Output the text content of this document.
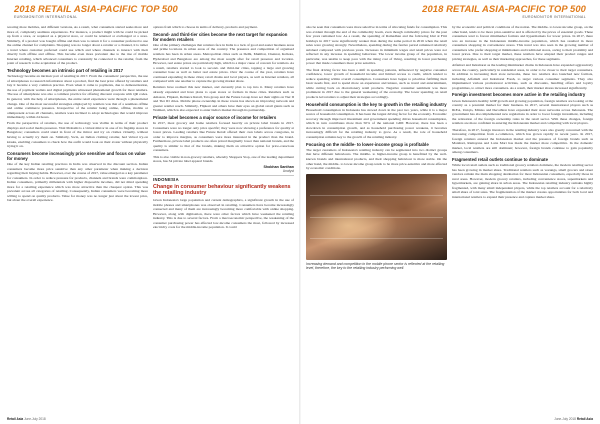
2018 RETAIL ASIA-PACIFIC TOP 500
EUROMONITOR INTERNATIONAL

wearing more mobiles, and different versions, As a result, what consumers started seeks more and more of, completely seamless experiences. For instance, a product might with be could be picked up from a store, or required as a physical store, or could be returned or exchanged at a store. Similarly, if a product was bought offline and then was to return it for a consumer preferred to use the online channel for complaints. Shopping was no longer about a retailer or a channel, it is rather a trend where customer preferred could use which and where channels to interact with their directly both offline and offline. This become even more prevalent due to the rise of mobile Internet retailing, which advanced consumers to constantly be connected to the retailer, from the point of research to the acquisition of the product.

Technology becomes an intrinsic part of retailing in 2017

Technology became an intrinsic part of retailing in 2017. From the consumers' perspective, the use of smartphones to research information about a product, find the best price offered by retailers and buy it became a very common practice. Even when it came to payments, due to demonetisation, the use of payment wallets and digital payments witnessed phenomenal growth for most retailers. The use of smartphone was also a common practice for offering discount coupons with QR codes. In general, with the help of smartphones, the entire retail experience went through a phenomenal change. One of the most successful strategies employed by retailers was that of a seamless offline and online commerce presence. Irrespective of the retailer being online, offline, mobile or omnipresent across all channels, retailers were inclined to adopt technologies that would improve immediately, within 24 hours.

From the perspective of retailers, the use of technology was visible in terms of their product displays and social media presence. Visit Mohami is a virtual mirror in one of its flagship stores in Bangalore; consumers could stand in front of the mirror and try on clothes virtually, without having to actually try them on. Similarly, Swiz, an Indian clothing retailer, had virtual try-on kiosks, enabling consumers to check how the outfit would look on their avatar without physically trying it on.

Consumers become increasingly price sensitive and focus on value for money

One of the key Indian retailing practices in India was observed in the discount section. Indian consumers became more price sensitive than any other parameter when making a decision regarding their buying habits. However, over the course of 2017, value emerged as a key parameter for consumers. In order to reduce pressure for products, channels and brands were commonplace. Indian consumers, primarily millennials with higher disposable incomes, did not mind spending more for a retailing experience which was more attractive than the cheapest option. This was prevalent across all categories of retailing. Consequently, Indian consumers were becoming more willing to spend on quality products. Value for money was no longer just about the lowest price, but about the overall experience.

options from which to choose in terms of delivery, products and payment.

Second- and third-tier cities become the next target for expansion for modern retailers

One of the primary challenges that retailers face in India is a lack of good and easier business areas and prime locations in urban areas of the country. The presence and competition of organised retailers has been in urban areas. Metropolitan cities such as Delhi, Mumbai, Chennai, Kolkata, Hyderabad and Bangalore are among the most sought after for retail presence and location. However, real estate prices are particularly high, which is a major cause of concern for retailers. As a result, retailers started to look to second- and third-tier cities, tapping a large and growing consumer base as well as better real estate prices. Over the course of the year, retailers have continued expanding in these cities; retail chains and local players, as well as Internet retailers, all competed with one another to capture the growing market share.

Retailers have realised this new market, and currently plan to tap into it. Many retailers have already expanded and have plans to open stores or formats in these cities. Retailers such as Amazon, Flipkart, Reliance Retail, Tata group and the Future Group have set their sights on Tier II and Tier III cities. Mobile phone ownership in these towns has shown an improving network and greater retailer reach. Similarly, Flipkart and others have their eyes on global retail giants such as Walmart, which is also expected to enter India's market through its partnership.

Private label becomes a major source of income for retailers

In 2017, most grocery and home retailers focused heavily on private label brands in 2017. Consumers were no longer only price specific; they were now showing a preference for quality at lower prices. Leading retailers like Future Retail offered their own labels across categories, in order to improve margins, as consumers were more interested in the product than the brand. Furthermore, private label products are often priced marginally lower than national brands, and the quality is similar to that of the brands, making them an attractive option for price-conscious consumers.

This is also visible in non-grocery retailers, whereby Shoppers Stop, one of the leading department stores, has 34 private label apparel brands.

Shobhan Santhan
Analyst
INDONESIA
Change in consumer behaviour significantly weakens the retailing industry

Given Indonesia's large population and current demographics, a significant growth in the use of mobile phones and smartphones was observed in retailing. Consumers have become increasingly connected and many of them are increasingly becoming more comfortable with online shopping. However, along with digitisation, there were other factors which have weakened the retailing industry. This is due to several factors. From a macroeconomic perspective, the weakening of the consumer purchasing power has affected low-income consumers the most, followed by increased electricity costs for the middle-income population. It could

Retail Asia June-July 2018
2018 RETAIL ASIA-PACIFIC TOP 500
EUROMONITOR INTERNATIONAL

also be seen that consumers were more selective in terms of allocating funds for consumption. This was evident through the end of the commodity boom, even though commodity prices for the past few years remained low. As a result, the spending of Ramadhan and the following Idul al Fitri holidays in 2017 were significantly weaker than during the same period in 2016 when the retail sales were growing strongly. Nevertheless, spending during the festive period remained relatively subdued compared with previous years. Increases in minimum wages and retail prices were not reflected in any increase in spending behaviour. The lower income group of the population, in particular, was unable to keep pace with the rising cost of living, resulting in lower purchasing power that made consumers more price sensitive.

The final driving factor has been a shift in spending patterns, influenced by negative consumer confidence, lower growth of household income and limited access to credit, which tended to reduce spending within overall consumption. Consumers have begun to prioritise fulfilling their basic needs first, and to spend more on experience and leisure, such as travel and entertainment, while cutting back on discretionary retail products. Negative consumer sentiment was more prominent in 2017 due to the general weakening of the economy. The lower spending on retail products led retailers to adjust their strategies accordingly.

Household consumption is the key to growth in the retailing industry

Household consumption in Indonesia has slowed down in the past two years, while it is a major source of household consumption. It has been the largest driving factor for the economy. Economic recovery through improved investment and government spending drives household consumption, which in turn contributes more than 50% of the national GDP. However, there has been a slowdown in consumption growth, and as household purchasing power weakens, it becomes increasingly difficult for the retailing industry to grow. As a result, the role of household consumption remains key to the growth of the retailing industry.

Focusing on the middle- to lower-income group is profitable

The target customers of Indonesia's retailing industry can be segmented into two distinct groups that have different behaviours. The middle- to higher-income group is benefitted by the well-known brands and international products, and their shopping behaviour is more stable. On the other hand, the middle- to lower-income group tends to be more price-sensitive and more affected by economic conditions.

Increasing demand and competition in the mobile phone sector is reflected at the retailing level, therefore, the key to the retailing industry performing well.

by the economic and political conditions of the nation. The middle- to lower-income group, on the other hand, tends to be more price-sensitive and is affected by the prices of essential goods. These consumers tend to favour minimarket formats and hypermarkets for lower prices. In 2017, there was an increase in the Indonesian middle-income population, which has resulted in more consumers shopping in convenience stores. This trend was also seen in the growing number of consumers who prefer shopping at minimarkets and traditional stores, owing to their proximity and lower prices. Due to their target market, these retailers have adapted their product ranges and pricing strategies, as well as their marketing approaches, for these segments.

Alfamart and Indomaret as the leading minimarket chains in Indonesia have expanded aggressively across the country, particularly in residential areas, in order to be closer to their target consumers. In addition to increasing their store networks, these two retailers also launched new formats, including Alfamidi and Indomaret Fresh, to target various consumer segments. They also implemented various promotional activities, such as discounts, bundling offers and loyalty programmes, to attract more consumers. As a result, their market shares increased significantly.

Foreign investment becomes more active in the retailing industry

Given Indonesia's healthy GDP growth and growing population, foreign retailers are looking at the country as a potential market for their business. In 2017, several international players such as IKEA, Uniqlo, Miniso and Decathlon have expanded their store networks across Indonesia. The government has also implemented new regulations in order to boost foreign investment, including the relaxation of the foreign ownership rules in the retail sector. With these changes, foreign retailers are more confident in entering the Indonesian market and competing with local players.

Therefore, in 2017, foreign investors in the retailing industry were also greatly concerned with the increasing competition from e-commerce, which has grown rapidly in recent years. In 2017, foreign retailers entered the Indonesian market and the presence of foreign brands such as Matahari, Ramayana and Lotte Mart has made the market more competitive. In the domestic market, local retailers are still dominant; however, foreign brands continue to gain popularity among consumers.

Fragmented retail outlets continue to dominate

While local retail outlets such as traditional grocery retailers dominate, the modern retailing sector has been growing in market share. Traditional retailers such as warungs, small grocers and street vendors remain the main shopping destination for most Indonesian consumers, especially those in rural areas. However, modern grocery retailers, including convenience stores, supermarkets and hypermarkets, are gaining share in urban areas. The Indonesian retailing industry remains highly fragmented, with many small independent players, while the top retailers account for a relatively small share of total sales. The fragmentation of the market creates opportunities for both local and international retailers to expand their presence and capture market share.

June-July 2018 Retail Asia
